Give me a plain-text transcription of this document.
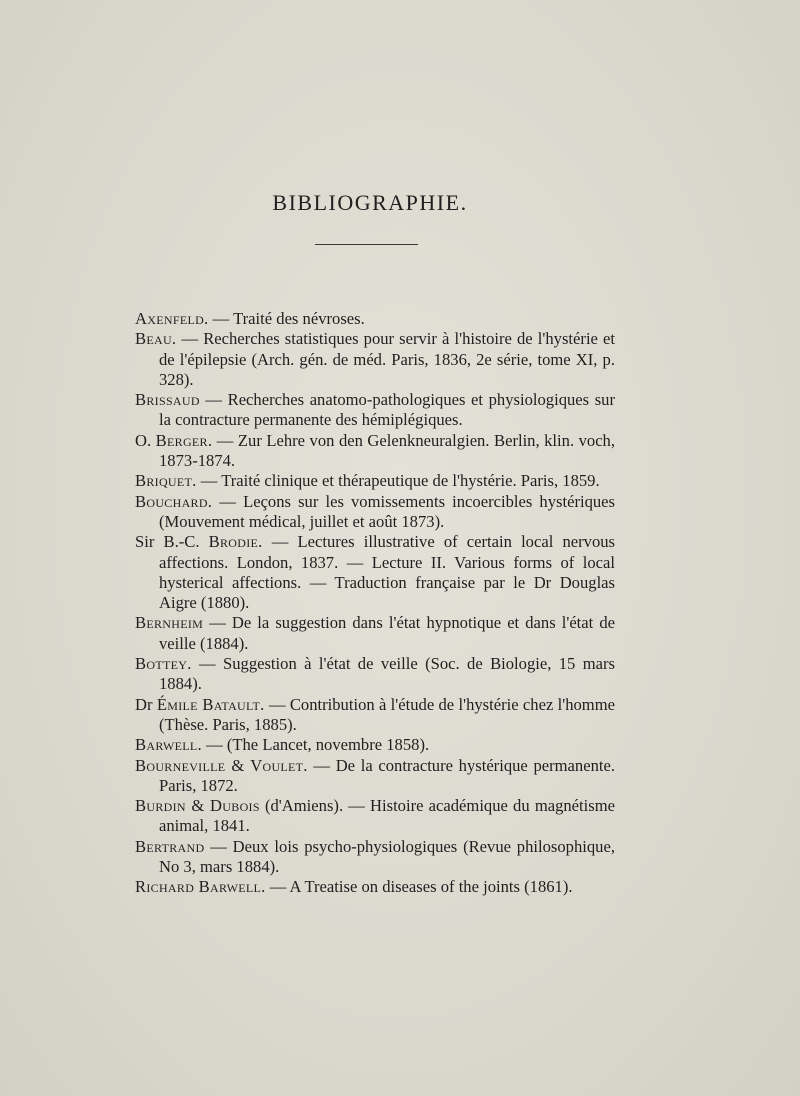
BIBLIOGRAPHIE.

Axenfeld. — Traité des névroses.

Beau. — Recherches statistiques pour servir à l'histoire de l'hystérie et de l'épilepsie (Arch. gén. de méd. Paris, 1836, 2e série, tome XI, p. 328).

Brissaud — Recherches anatomo-pathologiques et physiologiques sur la contracture permanente des hémiplégiques.

O. Berger. — Zur Lehre von den Gelenkneuralgien. Berlin, klin. voch, 1873-1874.

Briquet. — Traité clinique et thérapeutique de l'hystérie. Paris, 1859.

Bouchard. — Leçons sur les vomissements incoercibles hystériques (Mouvement médical, juillet et août 1873).

Sir B.-C. Brodie. — Lectures illustrative of certain local nervous affections. London, 1837. — Lecture II. Various forms of local hysterical affections. — Traduction française par le Dr Douglas Aigre (1880).

Bernheim — De la suggestion dans l'état hypnotique et dans l'état de veille (1884).

Bottey. — Suggestion à l'état de veille (Soc. de Biologie, 15 mars 1884).

Dr Émile Batault. — Contribution à l'étude de l'hystérie chez l'homme (Thèse. Paris, 1885).

Barwell. — (The Lancet, novembre 1858).

Bourneville & Voulet. — De la contracture hystérique permanente. Paris, 1872.

Burdin & Dubois (d'Amiens). — Histoire académique du magnétisme animal, 1841.

Bertrand — Deux lois psycho-physiologiques (Revue philosophique, No 3, mars 1884).

Richard Barwell. — A Treatise on diseases of the joints (1861).
